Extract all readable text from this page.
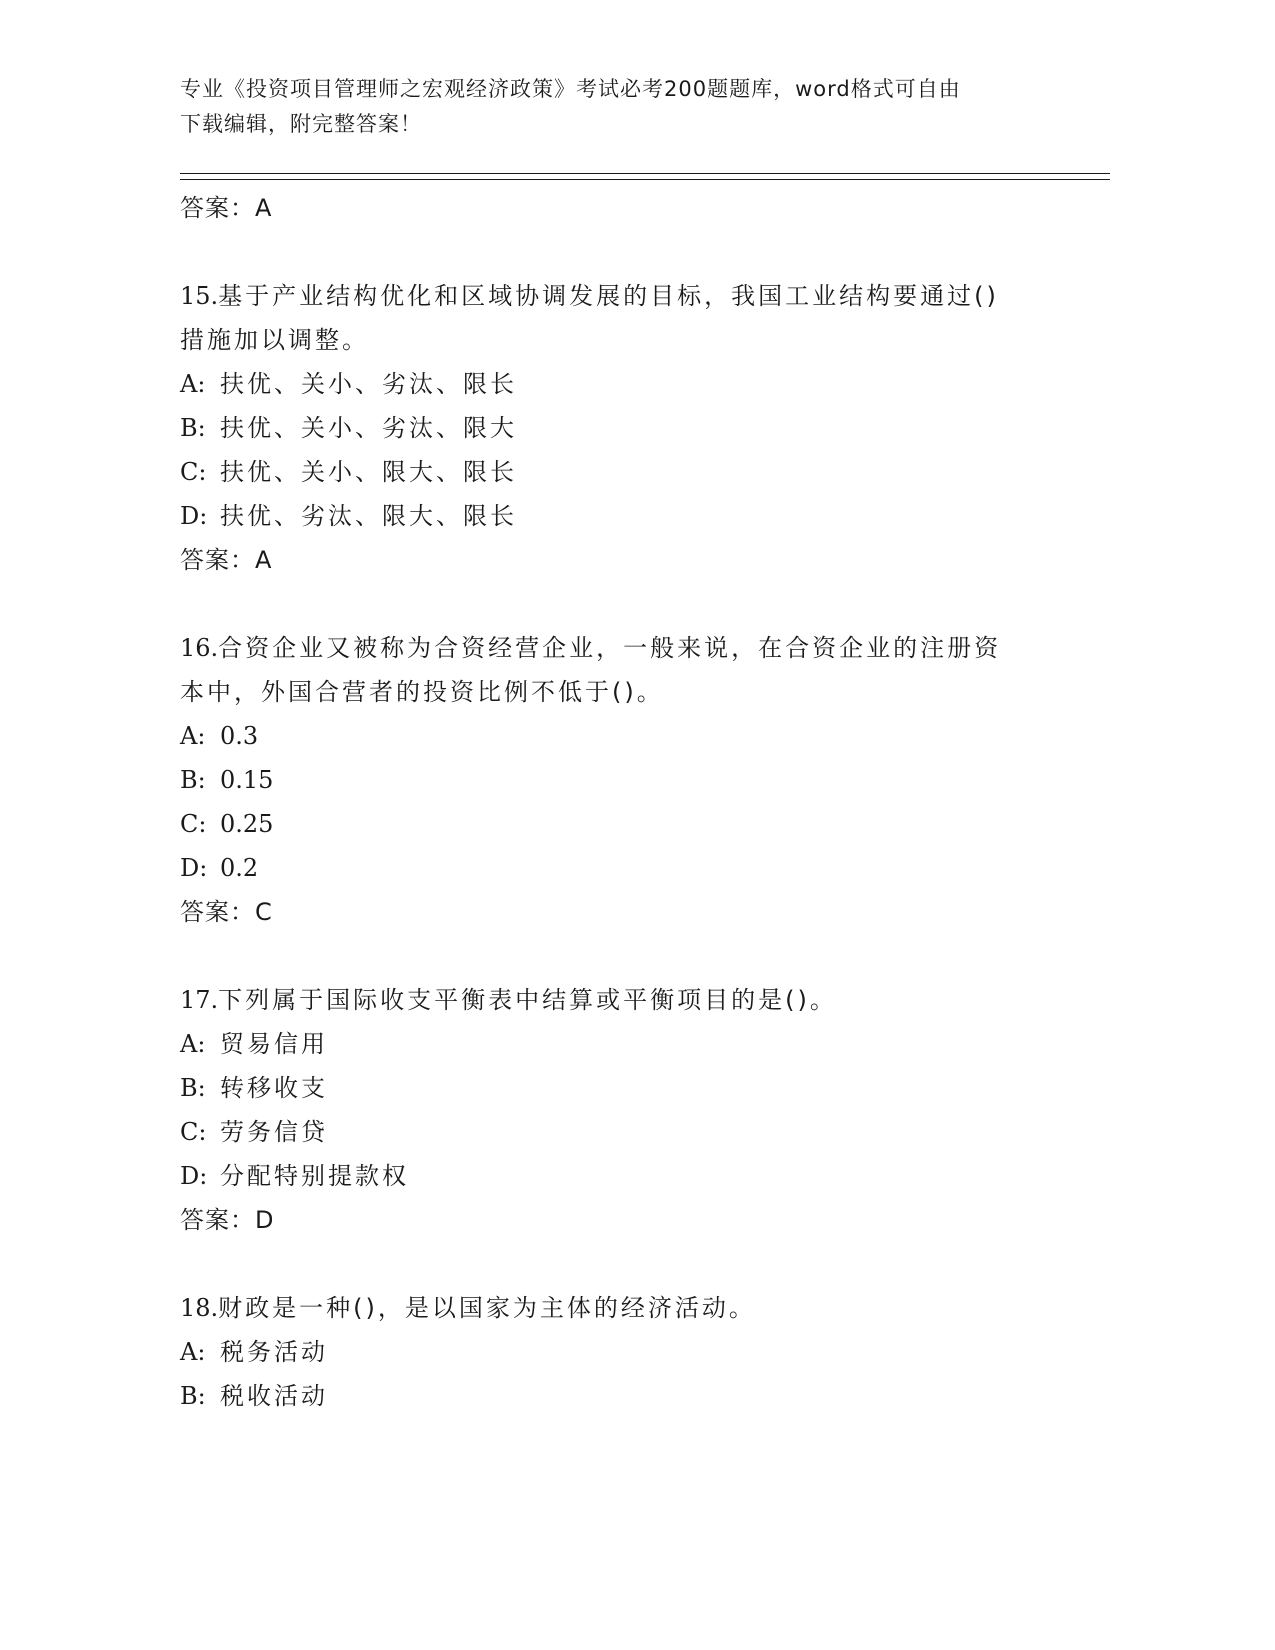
专业《投资项目管理师之宏观经济政策》考试必考200题题库，word格式可自由
下载编辑，附完整答案！
答案：A
15.基于产业结构优化和区域协调发展的目标，我国工业结构要通过()
措施加以调整。
A: 扶优、关小、劣汰、限长
B: 扶优、关小、劣汰、限大
C: 扶优、关小、限大、限长
D: 扶优、劣汰、限大、限长
答案：A
16.合资企业又被称为合资经营企业，一般来说，在合资企业的注册资
本中，外国合营者的投资比例不低于()。
A: 0.3
B: 0.15
C: 0.25
D: 0.2
答案：C
17.下列属于国际收支平衡表中结算或平衡项目的是()。
A: 贸易信用
B: 转移收支
C: 劳务信贷
D: 分配特别提款权
答案：D
18.财政是一种()，是以国家为主体的经济活动。
A: 税务活动
B: 税收活动
